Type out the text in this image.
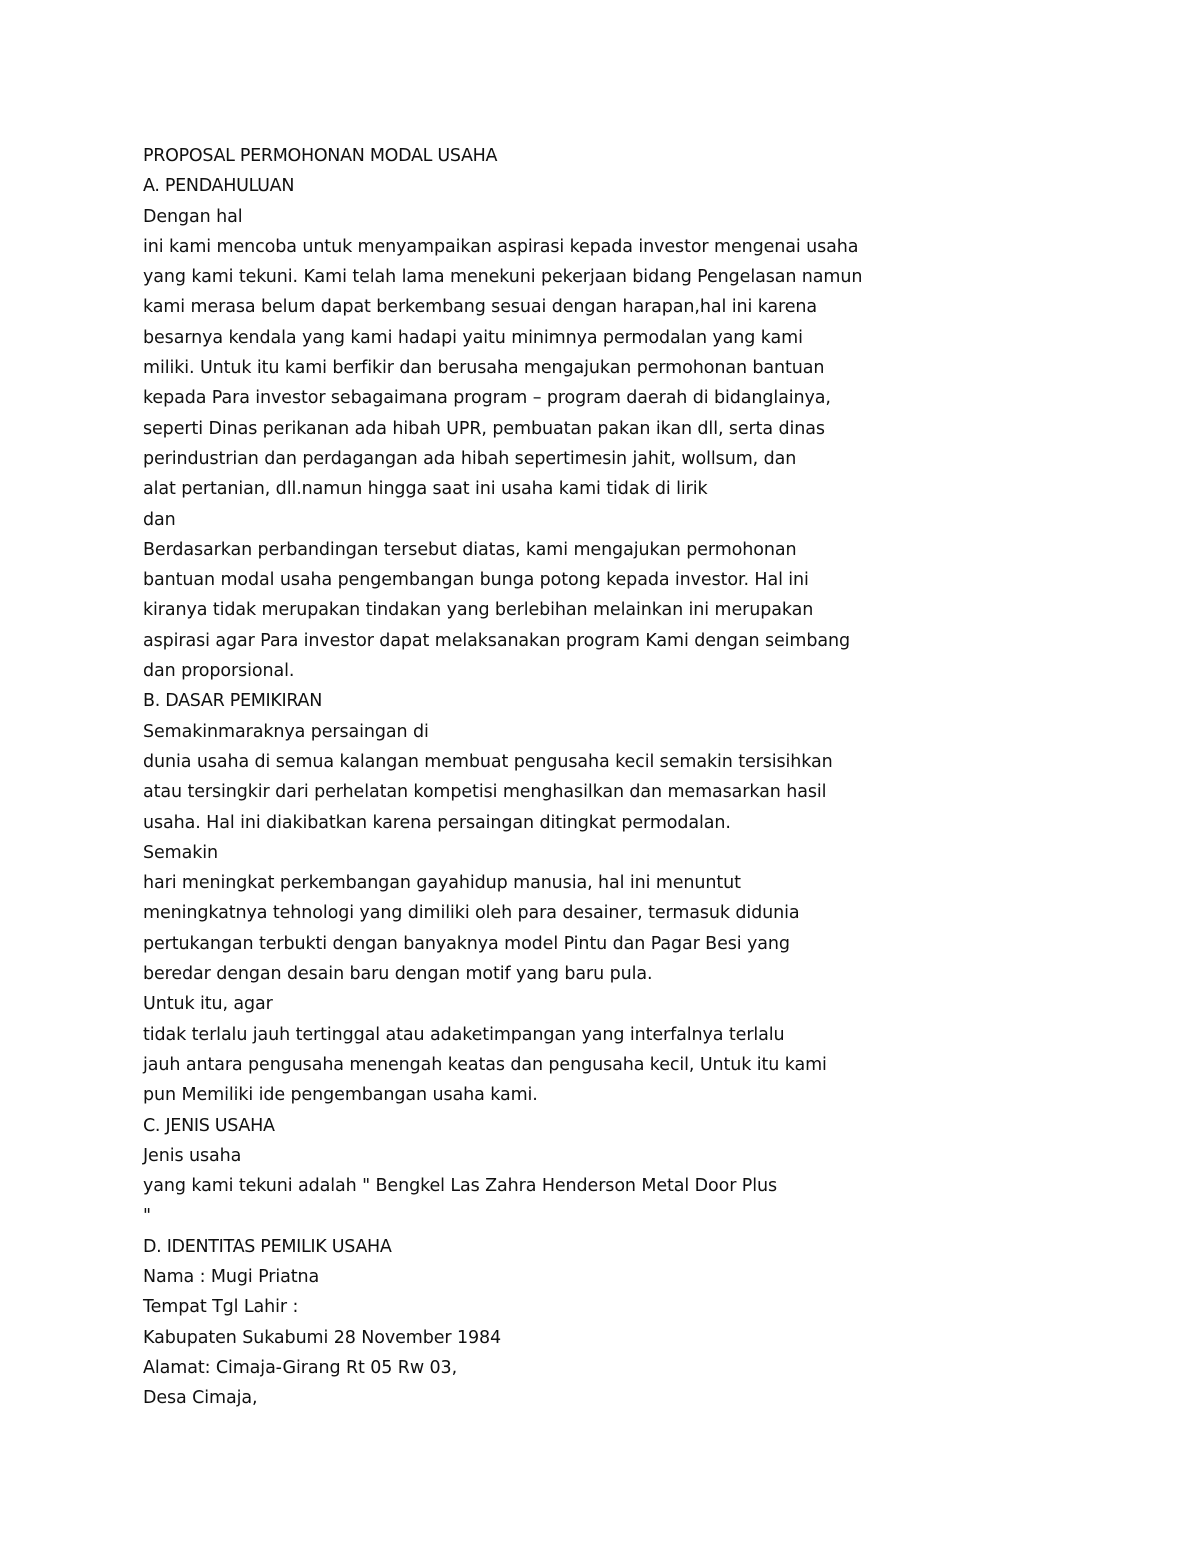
PROPOSAL PERMOHONAN MODAL USAHA
A. PENDAHULUAN
Dengan hal
ini kami mencoba untuk menyampaikan aspirasi kepada investor mengenai usaha
yang kami tekuni. Kami telah lama menekuni pekerjaan bidang Pengelasan namun
kami merasa belum dapat berkembang sesuai dengan harapan,hal ini karena
besarnya kendala yang kami hadapi yaitu minimnya permodalan yang kami
miliki. Untuk itu kami berfikir dan berusaha mengajukan permohonan bantuan
kepada Para investor sebagaimana program – program daerah di bidanglainya,
seperti Dinas perikanan ada hibah UPR, pembuatan pakan ikan dll, serta dinas
perindustrian dan perdagangan ada hibah sepertimesin jahit, wollsum, dan
alat pertanian, dll.namun hingga saat ini usaha kami tidak di lirik
dan
Berdasarkan perbandingan tersebut diatas, kami mengajukan permohonan
bantuan modal usaha pengembangan bunga potong kepada investor. Hal ini
kiranya tidak merupakan tindakan yang berlebihan melainkan ini merupakan
aspirasi agar Para investor dapat melaksanakan program Kami dengan seimbang
dan proporsional.
B. DASAR PEMIKIRAN
Semakinmaraknya persaingan di
dunia usaha di semua kalangan membuat pengusaha kecil semakin tersisihkan
atau tersingkir dari perhelatan kompetisi menghasilkan dan memasarkan hasil
usaha. Hal ini diakibatkan karena persaingan ditingkat permodalan.
Semakin
hari meningkat perkembangan gayahidup manusia, hal ini menuntut
meningkatnya tehnologi yang dimiliki oleh para desainer, termasuk didunia
pertukangan terbukti dengan banyaknya model Pintu dan Pagar Besi yang
beredar dengan desain baru dengan motif yang baru pula.
Untuk itu, agar
tidak terlalu jauh tertinggal atau adaketimpangan yang interfalnya terlalu
jauh antara pengusaha menengah keatas dan pengusaha kecil, Untuk itu kami
pun Memiliki ide pengembangan usaha kami.
C. JENIS USAHA
Jenis usaha
yang kami tekuni adalah " Bengkel Las Zahra Henderson Metal Door Plus
"
D. IDENTITAS PEMILIK USAHA
Nama : Mugi Priatna
Tempat Tgl Lahir :
Kabupaten Sukabumi 28 November 1984
Alamat: Cimaja-Girang Rt 05 Rw 03,
Desa Cimaja,
